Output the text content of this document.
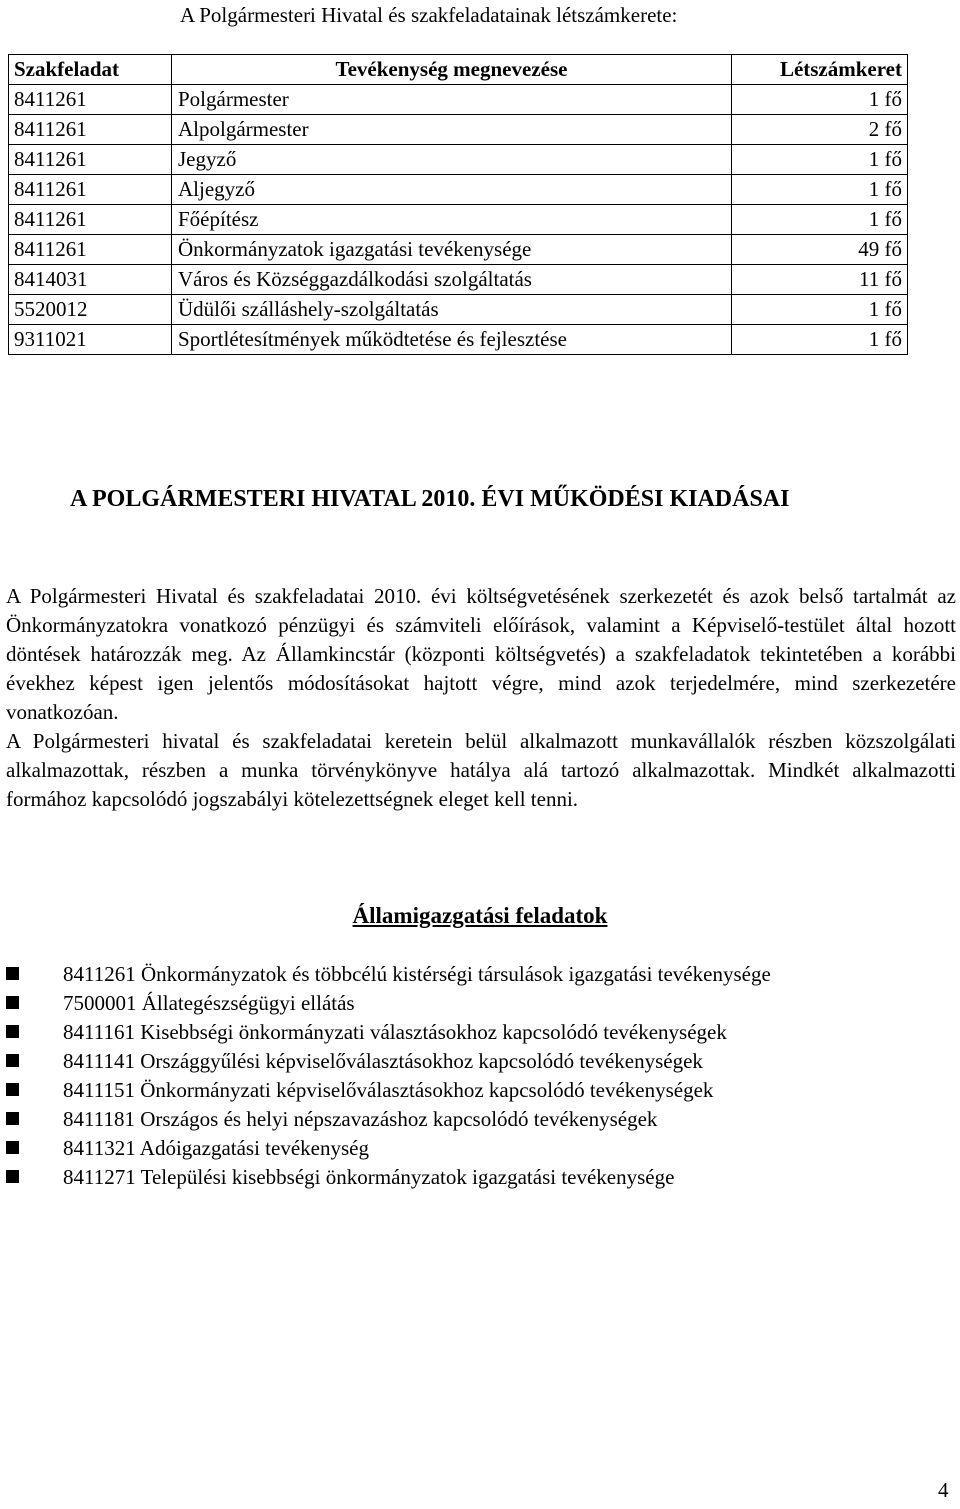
A Polgármesteri Hivatal és szakfeladatainak létszámkerete:
Szakfeladat	Tevékenység megnevezése	Létszámkeret
8411261	Polgármester	1 fő
8411261	Alpolgármester	2 fő
8411261	Jegyző	1 fő
8411261	Aljegyző	1 fő
8411261	Főépítész	1 fő
8411261	Önkormányzatok igazgatási tevékenysége	49 fő
8414031	Város és Községgazdálkodási szolgáltatás	11 fő
5520012	Üdülői szálláshely-szolgáltatás	1 fő
9311021	Sportlétesítmények működtetése és fejlesztése	1 fő
A POLGÁRMESTERI HIVATAL 2010. ÉVI MŰKÖDÉSI KIADÁSAI

A Polgármesteri Hivatal és szakfeladatai 2010. évi költségvetésének szerkezetét és azok belső tartalmát az Önkormányzatokra vonatkozó pénzügyi és számviteli előírások, valamint a Képviselő-testület által hozott döntések határozzák meg. Az Államkincstár (központi költségvetés) a szakfeladatok tekintetében a korábbi évekhez képest igen jelentős módosításokat hajtott végre, mind azok terjedelmére, mind szerkezetére vonatkozóan.

A Polgármesteri hivatal és szakfeladatai keretein belül alkalmazott munkavállalók részben közszolgálati alkalmazottak, részben a munka törvénykönyve hatálya alá tartozó alkalmazottak. Mindkét alkalmazotti formához kapcsolódó jogszabályi kötelezettségnek eleget kell tenni.

Államigazgatási feladatok
8411261 Önkormányzatok és többcélú kistérségi társulások igazgatási tevékenysége
7500001 Állategészségügyi ellátás
8411161 Kisebbségi önkormányzati választásokhoz kapcsolódó tevékenységek
8411141 Országgyűlési képviselőválasztásokhoz kapcsolódó tevékenységek
8411151 Önkormányzati képviselőválasztásokhoz kapcsolódó tevékenységek
8411181 Országos és helyi népszavazáshoz kapcsolódó tevékenységek
8411321 Adóigazgatási tevékenység
8411271 Települési kisebbségi önkormányzatok igazgatási tevékenysége
4
